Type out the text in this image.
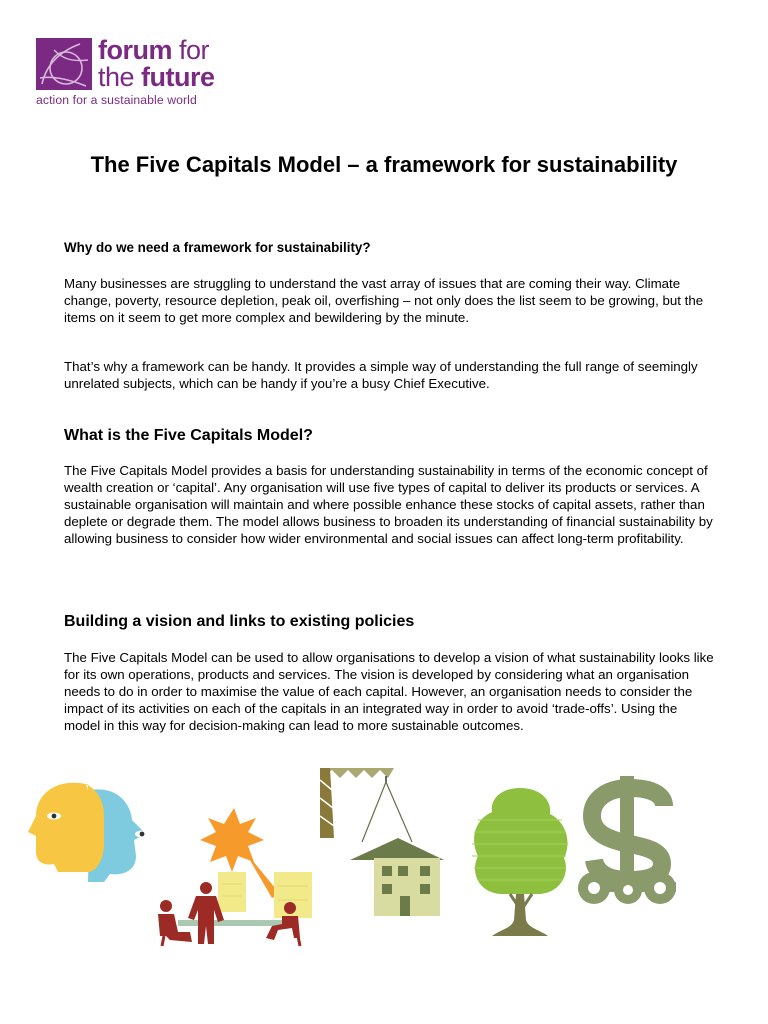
forum for
the future
action for a sustainable world
The Five Capitals Model – a framework for sustainability
Why do we need a framework for sustainability?
Many businesses are struggling to understand the vast array of issues that are coming their way. Climate change, poverty, resource depletion, peak oil, overfishing – not only does the list seem to be growing, but the items on it seem to get more complex and bewildering by the minute.
That’s why a framework can be handy. It provides a simple way of understanding the full range of seemingly unrelated subjects, which can be handy if you’re a busy Chief Executive.
What is the Five Capitals Model?
The Five Capitals Model provides a basis for understanding sustainability in terms of the economic concept of wealth creation or ‘capital’. Any organisation will use five types of capital to deliver its products or services. A sustainable organisation will maintain and where possible enhance these stocks of capital assets, rather than deplete or degrade them. The model allows business to broaden its understanding of financial sustainability by allowing business to consider how wider environmental and social issues can affect long-term profitability.
Building a vision and links to existing policies
The Five Capitals Model can be used to allow organisations to develop a vision of what sustainability looks like for its own operations, products and services. The vision is developed by considering what an organisation needs to do in order to maximise the value of each capital. However, an organisation needs to consider the impact of its activities on each of the capitals in an integrated way in order to avoid ‘trade-offs’. Using the model in this way for decision-making can lead to more sustainable outcomes.
